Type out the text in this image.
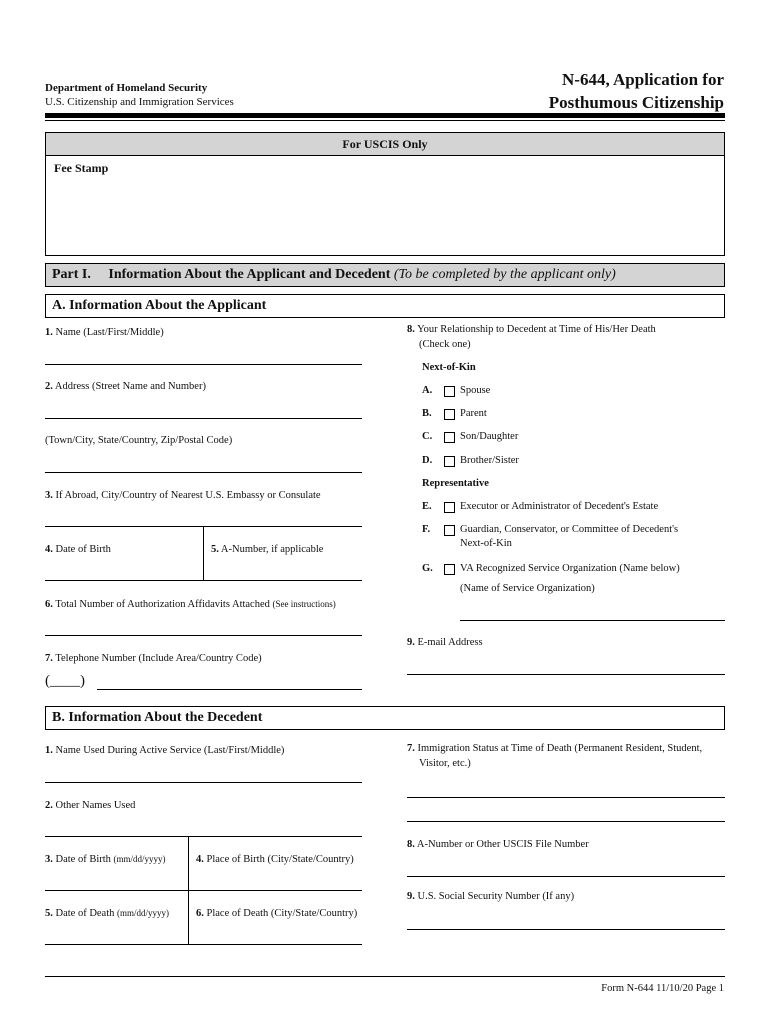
Department of Homeland Security
U.S. Citizenship and Immigration Services
N-644, Application for
Posthumous Citizenship
For USCIS Only
Fee Stamp
Part I. Information About the Applicant and Decedent (To be completed by the applicant only)
A. Information About the Applicant
1. Name (Last/First/Middle)
2. Address (Street Name and Number)
(Town/City, State/Country, Zip/Postal Code)
3. If Abroad, City/Country of Nearest U.S. Embassy or Consulate
4. Date of Birth	5. A-Number, if applicable
6. Total Number of Authorization Affidavits Attached (See instructions)
7. Telephone Number (Include Area/Country Code)
(____)
8. Your Relationship to Decedent at Time of His/Her Death
(Check one)
Next-of-Kin
A.	Spouse
B.	Parent
C.	Son/Daughter
D.	Brother/Sister
Representative
E.	Executor or Administrator of Decedent's Estate
F.	Guardian, Conservator, or Committee of Decedent's
Next-of-Kin
G.	VA Recognized Service Organization (Name below)
(Name of Service Organization)
9. E-mail Address
B. Information About the Decedent
1. Name Used During Active Service (Last/First/Middle)
2. Other Names Used
3. Date of Birth (mm/dd/yyyy)	4. Place of Birth (City/State/Country)
5. Date of Death (mm/dd/yyyy)	6. Place of Death (City/State/Country)
7. Immigration Status at Time of Death (Permanent Resident, Student,
Visitor, etc.)
8. A-Number or Other USCIS File Number
9. U.S. Social Security Number (If any)
Form N-644 11/10/20 Page 1
